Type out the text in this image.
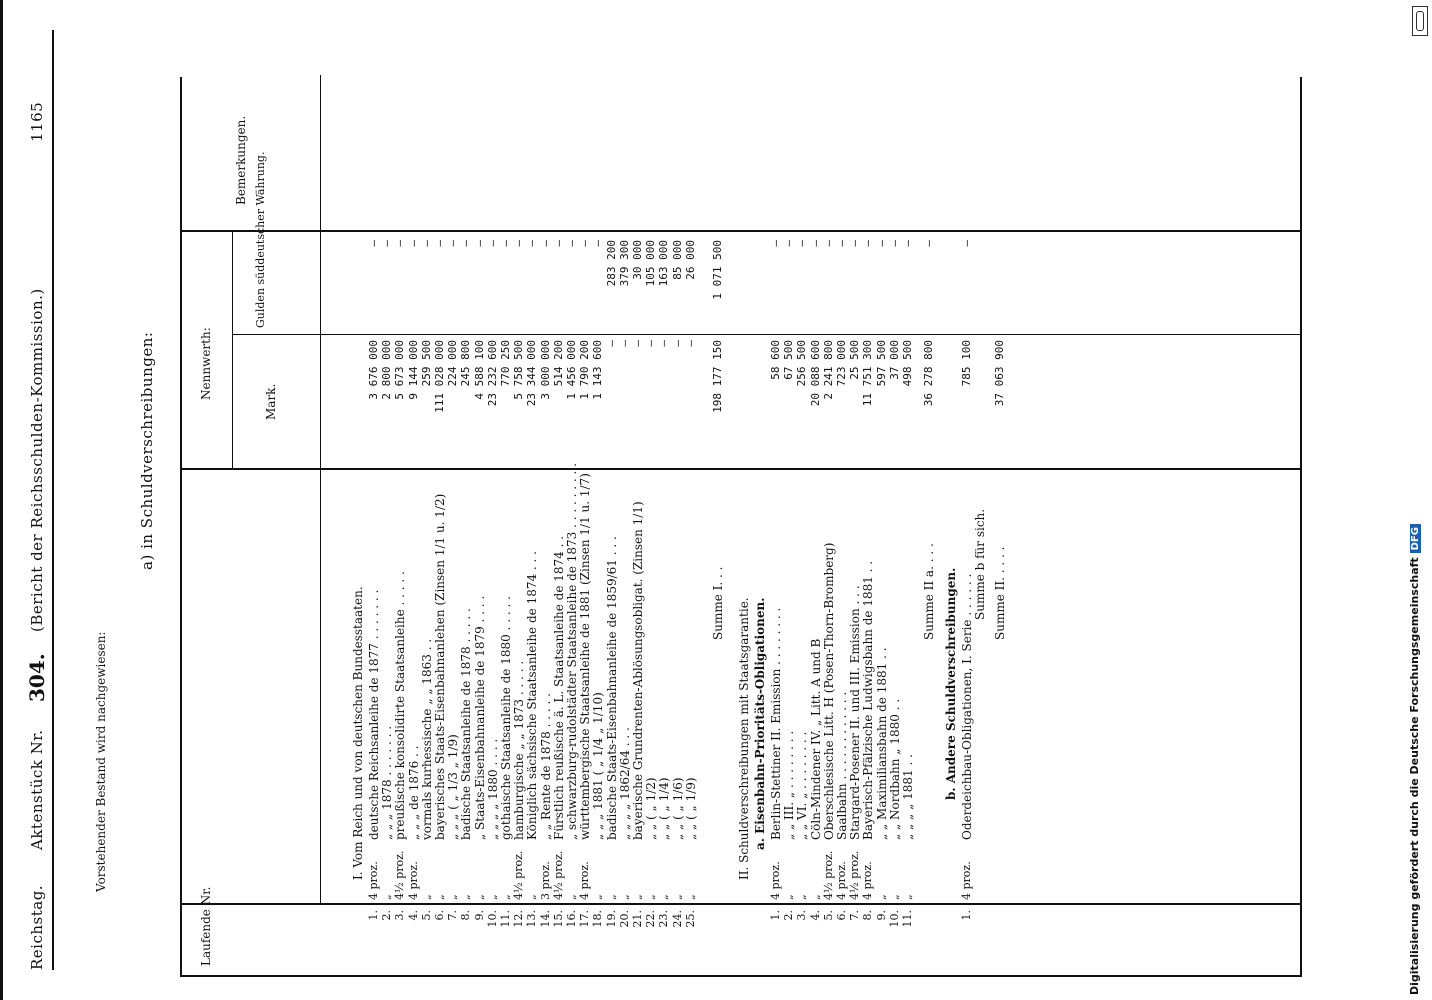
Digitalisierung gefördert durch die Deutsche ForschungsgemeinschaftDFG
Reichstag.
Aktenstück Nr.
304.
(Bericht der Reichsschulden-Kommission.)
1165
Vorstehender Bestand wird nachgewiesen:
a) in Schuldverschreibungen:
Laufende Nr.
Nennwerth:
Mark.
Gulden süddeutscher Währung.
Bemerkungen.
I. Vom Reich und von deutschen Bundesstaaten.
1.
4 proz.
deutsche Reichsanleihe de 1877 . . . . . . .
3 676 000
—
2.
„
„ „ „ 1878 . . . . . . .
2 800 000
—
3.
4½ proz.
preußische konsolidirte Staatsanleihe . . . . .
5 673 000
—
4.
4 proz.
„ „ „ de 1876 . .
9 144 000
—
5.
„
vormals kurhessische „ „ 1863 . .
259 500
—
6.
„
bayerisches Staats-Eisenbahnanlehen (Zinsen 1/1 u. 1/2)
111 028 000
—
7.
„
„ „ „ ( „ 1/3 „ 1/9)
224 000
—
8.
„
badische Staatsanleihe de 1878 . . . . .
245 800
—
9.
„
„ Staats-Eisenbahnanleihe de 1879 . . . .
4 588 100
—
10.
„
„ „ „ „ 1880 . . . .
23 232 600
—
11.
„
gothaische Staatsanleihe de 1880 . . . . .
770 250
—
12.
4½ proz.
hamburgische „ „ 1873 . . . . .
5 758 500
—
13.
„
Königlich sächsische Staatsanleihe de 1874 . . .
23 344 000
—
14.
3 proz.
„ „ Rente de 1878 . . . . .
3 000 000
—
15.
4½ proz.
Fürstlich reußische ä. L. Staatsanleihe de 1874 . .
514 200
—
16.
„
„ schwarzburg-rudolstädter Staatsanleihe de 1873 . . . . . . . . .
1 456 000
—
17.
4 proz.
württembergische Staatsanleihe de 1881 (Zinsen 1/1 u. 1/7)
1 790 200
—
18.
„
„ „ „ 1881 ( „ 1/4 „ 1/10)
1 143 600
—
19.
„
badische Staats-Eisenbahnanleihe de 1859/61 . . .
—
283 200
20.
„
„ „ „ „ 1862/64 . . .
—
379 300
21.
„
bayerische Grundrenten-Ablösungsobligat. (Zinsen 1/1)
—
30 000
22.
„
„ „ ( „ 1/2)
—
105 000
23.
„
„ „ ( „ 1/4)
—
163 000
24.
„
„ „ ( „ 1/6)
—
85 000
25.
„
„ „ ( „ 1/9)
—
26 000
Summe I. . .
198 177 150
1 071 500
II. Schuldverschreibungen mit Staatsgarantie. a. Eisenbahn-Prioritäts-Obligationen.
1.
4 proz.
Berlin-Stettiner II. Emission . . . . . . . .
58 600
—
2.
„
„ „ III. „ . . . . . . . .
67 500
—
3.
„
„ „ VI. „ . . . . . . . .
256 500
—
4.
„
Cöln-Mindener IV. „ Litt. A und B
20 088 600
—
5.
4½ proz.
Oberschlesische Litt. H (Posen-Thorn-Bromberg)
2 241 800
—
6.
4 proz.
Saalbahn . . . . . . . . . . . .
723 000
—
7.
4½ proz.
Stargard-Posener II. und III. Emission . . .
25 500
—
8.
4 proz.
Bayerisch-Pfälzische Ludwigsbahn de 1881 . .
11 751 300
—
9.
„
„ „ Maximiliansbahn de 1881 . .
597 500
—
10.
„
„ „ Nordbahn „ 1880 . .
37 000
—
11.
„
„ „ „ „ 1881 . .
498 500
—
Summe II a. . . .
36 278 800
—
b. Andere Schuldverschreibungen.
1.
4 proz.
Oderdeichbau-Obligationen, I. Serie . . . . . .
785 100
—
Summe b für sich. Summe II. . . . .
37 063 900
